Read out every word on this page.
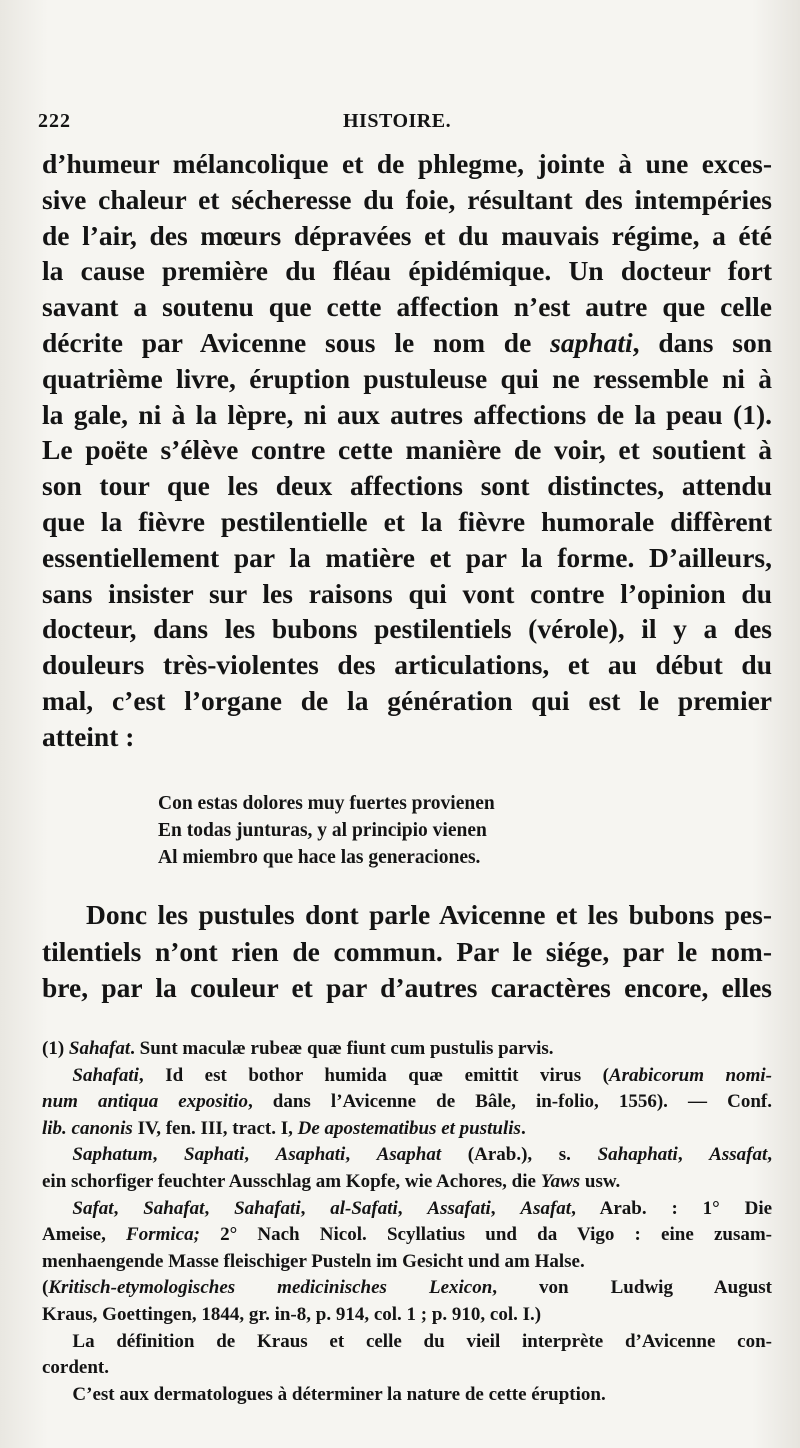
222	HISTOIRE.
d’humeur mélancolique et de phlegme, jointe à une exces-
sive chaleur et sécheresse du foie, résultant des intempéries
de l’air, des mœurs dépravées et du mauvais régime, a été
la cause première du fléau épidémique. Un docteur fort
savant a soutenu que cette affection n’est autre que celle
décrite par Avicenne sous le nom de saphati, dans son
quatrième livre, éruption pustuleuse qui ne ressemble ni à
la gale, ni à la lèpre, ni aux autres affections de la peau (1).
Le poëte s’élève contre cette manière de voir, et soutient à
son tour que les deux affections sont distinctes, attendu
que la fièvre pestilentielle et la fièvre humorale diffèrent
essentiellement par la matière et par la forme. D’ailleurs,
sans insister sur les raisons qui vont contre l’opinion du
docteur, dans les bubons pestilentiels (vérole), il y a des
douleurs très-violentes des articulations, et au début du
mal, c’est l’organe de la génération qui est le premier
atteint :
Con estas dolores muy fuertes provienen
En todas junturas, y al principio vienen
Al miembro que hace las generaciones.
Donc les pustules dont parle Avicenne et les bubons pes-
tilentiels n’ont rien de commun. Par le siége, par le nom-
bre, par la couleur et par d’autres caractères encore, elles
(1) Sahafat. Sunt maculæ rubeæ quæ fiunt cum pustulis parvis.
Sahafati, Id est bothor humida quæ emittit virus (Arabicorum nomi-
num antiqua expositio, dans l’Avicenne de Bâle, in-folio, 1556). — Conf.
lib. canonis IV, fen. III, tract. I, De apostematibus et pustulis.
Saphatum, Saphati, Asaphati, Asaphat (Arab.), s. Sahaphati, Assafat,
ein schorfiger feuchter Ausschlag am Kopfe, wie Achores, die Yaws usw.
Safat, Sahafat, Sahafati, al-Safati, Assafati, Asafat, Arab. : 1° Die
Ameise, Formica; 2° Nach Nicol. Scyllatius und da Vigo : eine zusam-
menhaengende Masse fleischiger Pusteln im Gesicht und am Halse.
(Kritisch-etymologisches medicinisches Lexicon, von Ludwig August
Kraus, Goettingen, 1844, gr. in-8, p. 914, col. 1 ; p. 910, col. I.)
La définition de Kraus et celle du vieil interprète d’Avicenne con-
cordent.
C’est aux dermatologues à déterminer la nature de cette éruption.
